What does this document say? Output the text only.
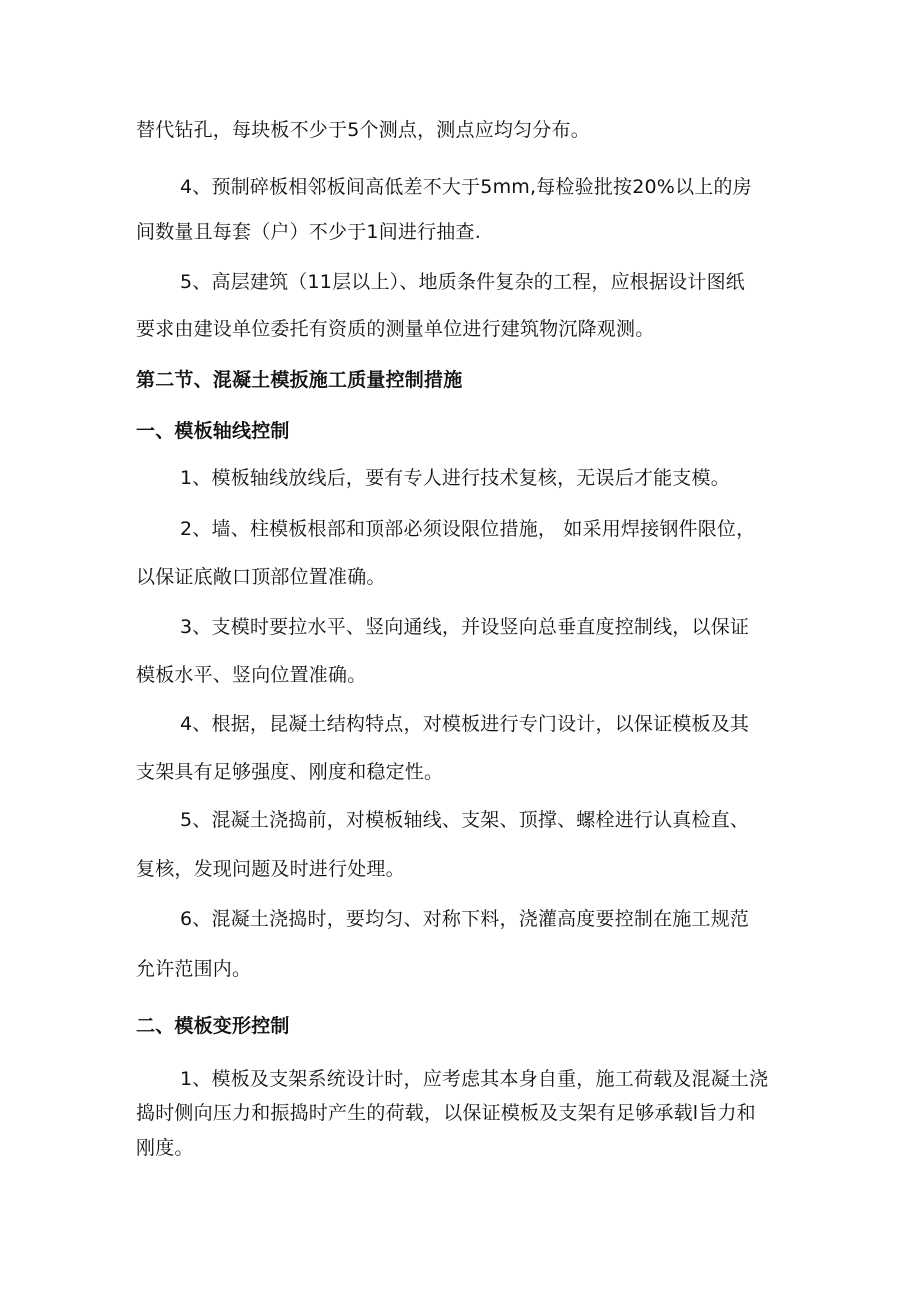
替代钻孔，每块板不少于5个测点，测点应均匀分布。
4、预制碎板相邻板间高低差不大于5mm,每检验批按20%以上的房
间数量且每套（户）不少于1间进行抽查.
5、高层建筑（11层以上）、地质条件复杂的工程，应根据设计图纸
要求由建设单位委托有资质的测量单位进行建筑物沉降观测。
第二节、混凝土模扳施工质量控制措施
一、模板轴线控制
1、模板轴线放线后，要有专人进行技术复核，无误后才能支模。
2、墙、柱模板根部和顶部必须设限位措施， 如采用焊接钢件限位，
以保证底敞口顶部位置准确。
3、支模时要拉水平、竖向通线，并设竖向总垂直度控制线，以保证
模板水平、竖向位置准确。
4、根据，昆凝土结构特点，对模板进行专门设计，以保证模板及其
支架具有足够强度、刚度和稳定性。
5、混凝土浇捣前，对模板轴线、支架、顶撑、螺栓进行认真检直、
复核，发现问题及时进行处理。
6、混凝土浇捣时，要均匀、对称下料，浇灌高度要控制在施工规范
允许范围内。
二、模板变形控制
1、模板及支架系统设计时，应考虑其本身自重，施工荷载及混凝土浇
捣时侧向压力和振捣时产生的荷载，以保证模板及支架有足够承载l旨力和
刚度。
